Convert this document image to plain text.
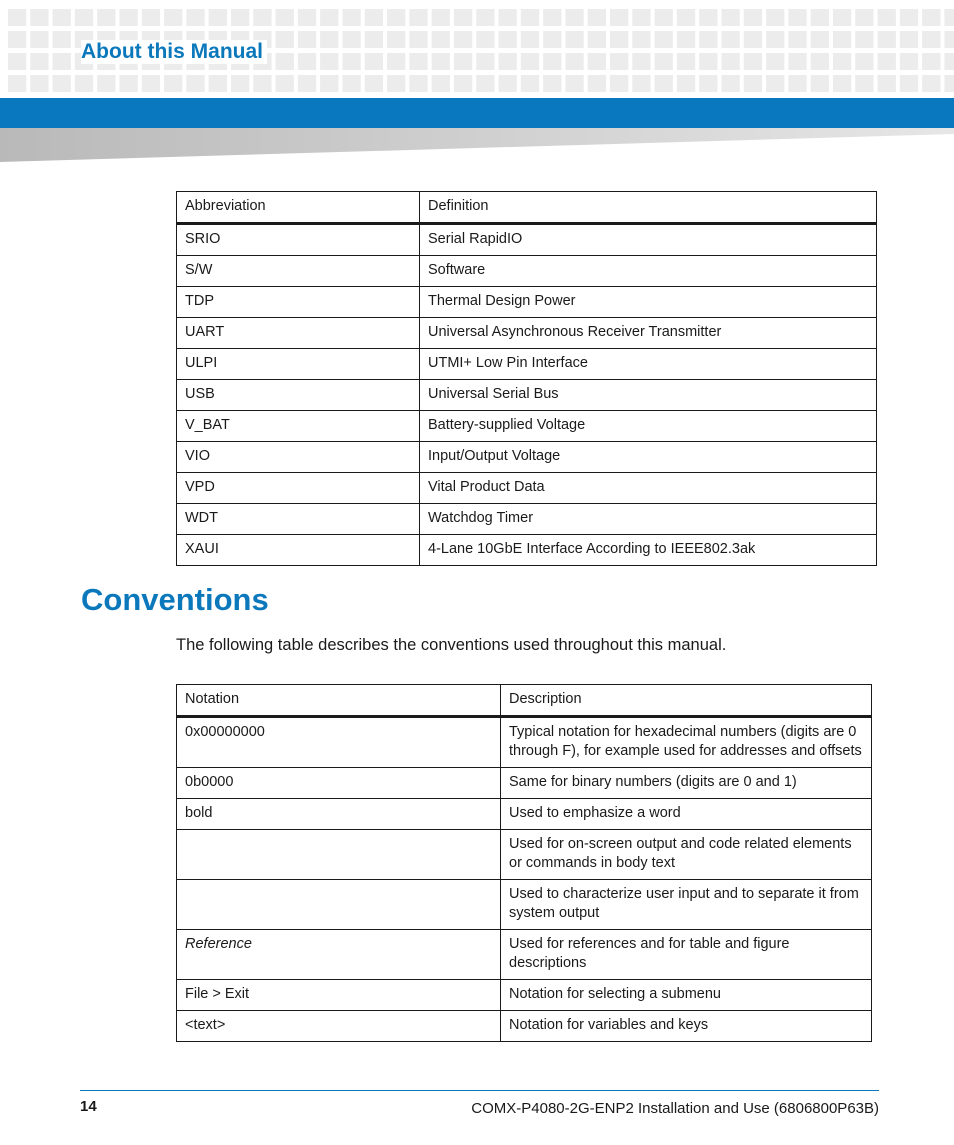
About this Manual
Abbreviation	Definition
SRIO	Serial RapidIO
S/W	Software
TDP	Thermal Design Power
UART	Universal Asynchronous Receiver Transmitter
ULPI	UTMI+ Low Pin Interface
USB	Universal Serial Bus
V_BAT	Battery-supplied Voltage
VIO	Input/Output Voltage
VPD	Vital Product Data
WDT	Watchdog Timer
XAUI	4-Lane 10GbE Interface According to IEEE802.3ak
Conventions

The following table describes the conventions used throughout this manual.

Notation	Description
0x00000000	Typical notation for hexadecimal numbers (digits are 0 through F), for example used for addresses and offsets
0b0000	Same for binary numbers (digits are 0 and 1)
bold	Used to emphasize a word
	Used for on-screen output and code related elements or commands in body text
	Used to characterize user input and to separate it from system output
Reference	Used for references and for table and figure descriptions
File > Exit	Notation for selecting a submenu
<text>	Notation for variables and keys
14	COMX-P4080-2G-ENP2 Installation and Use (6806800P63B)
